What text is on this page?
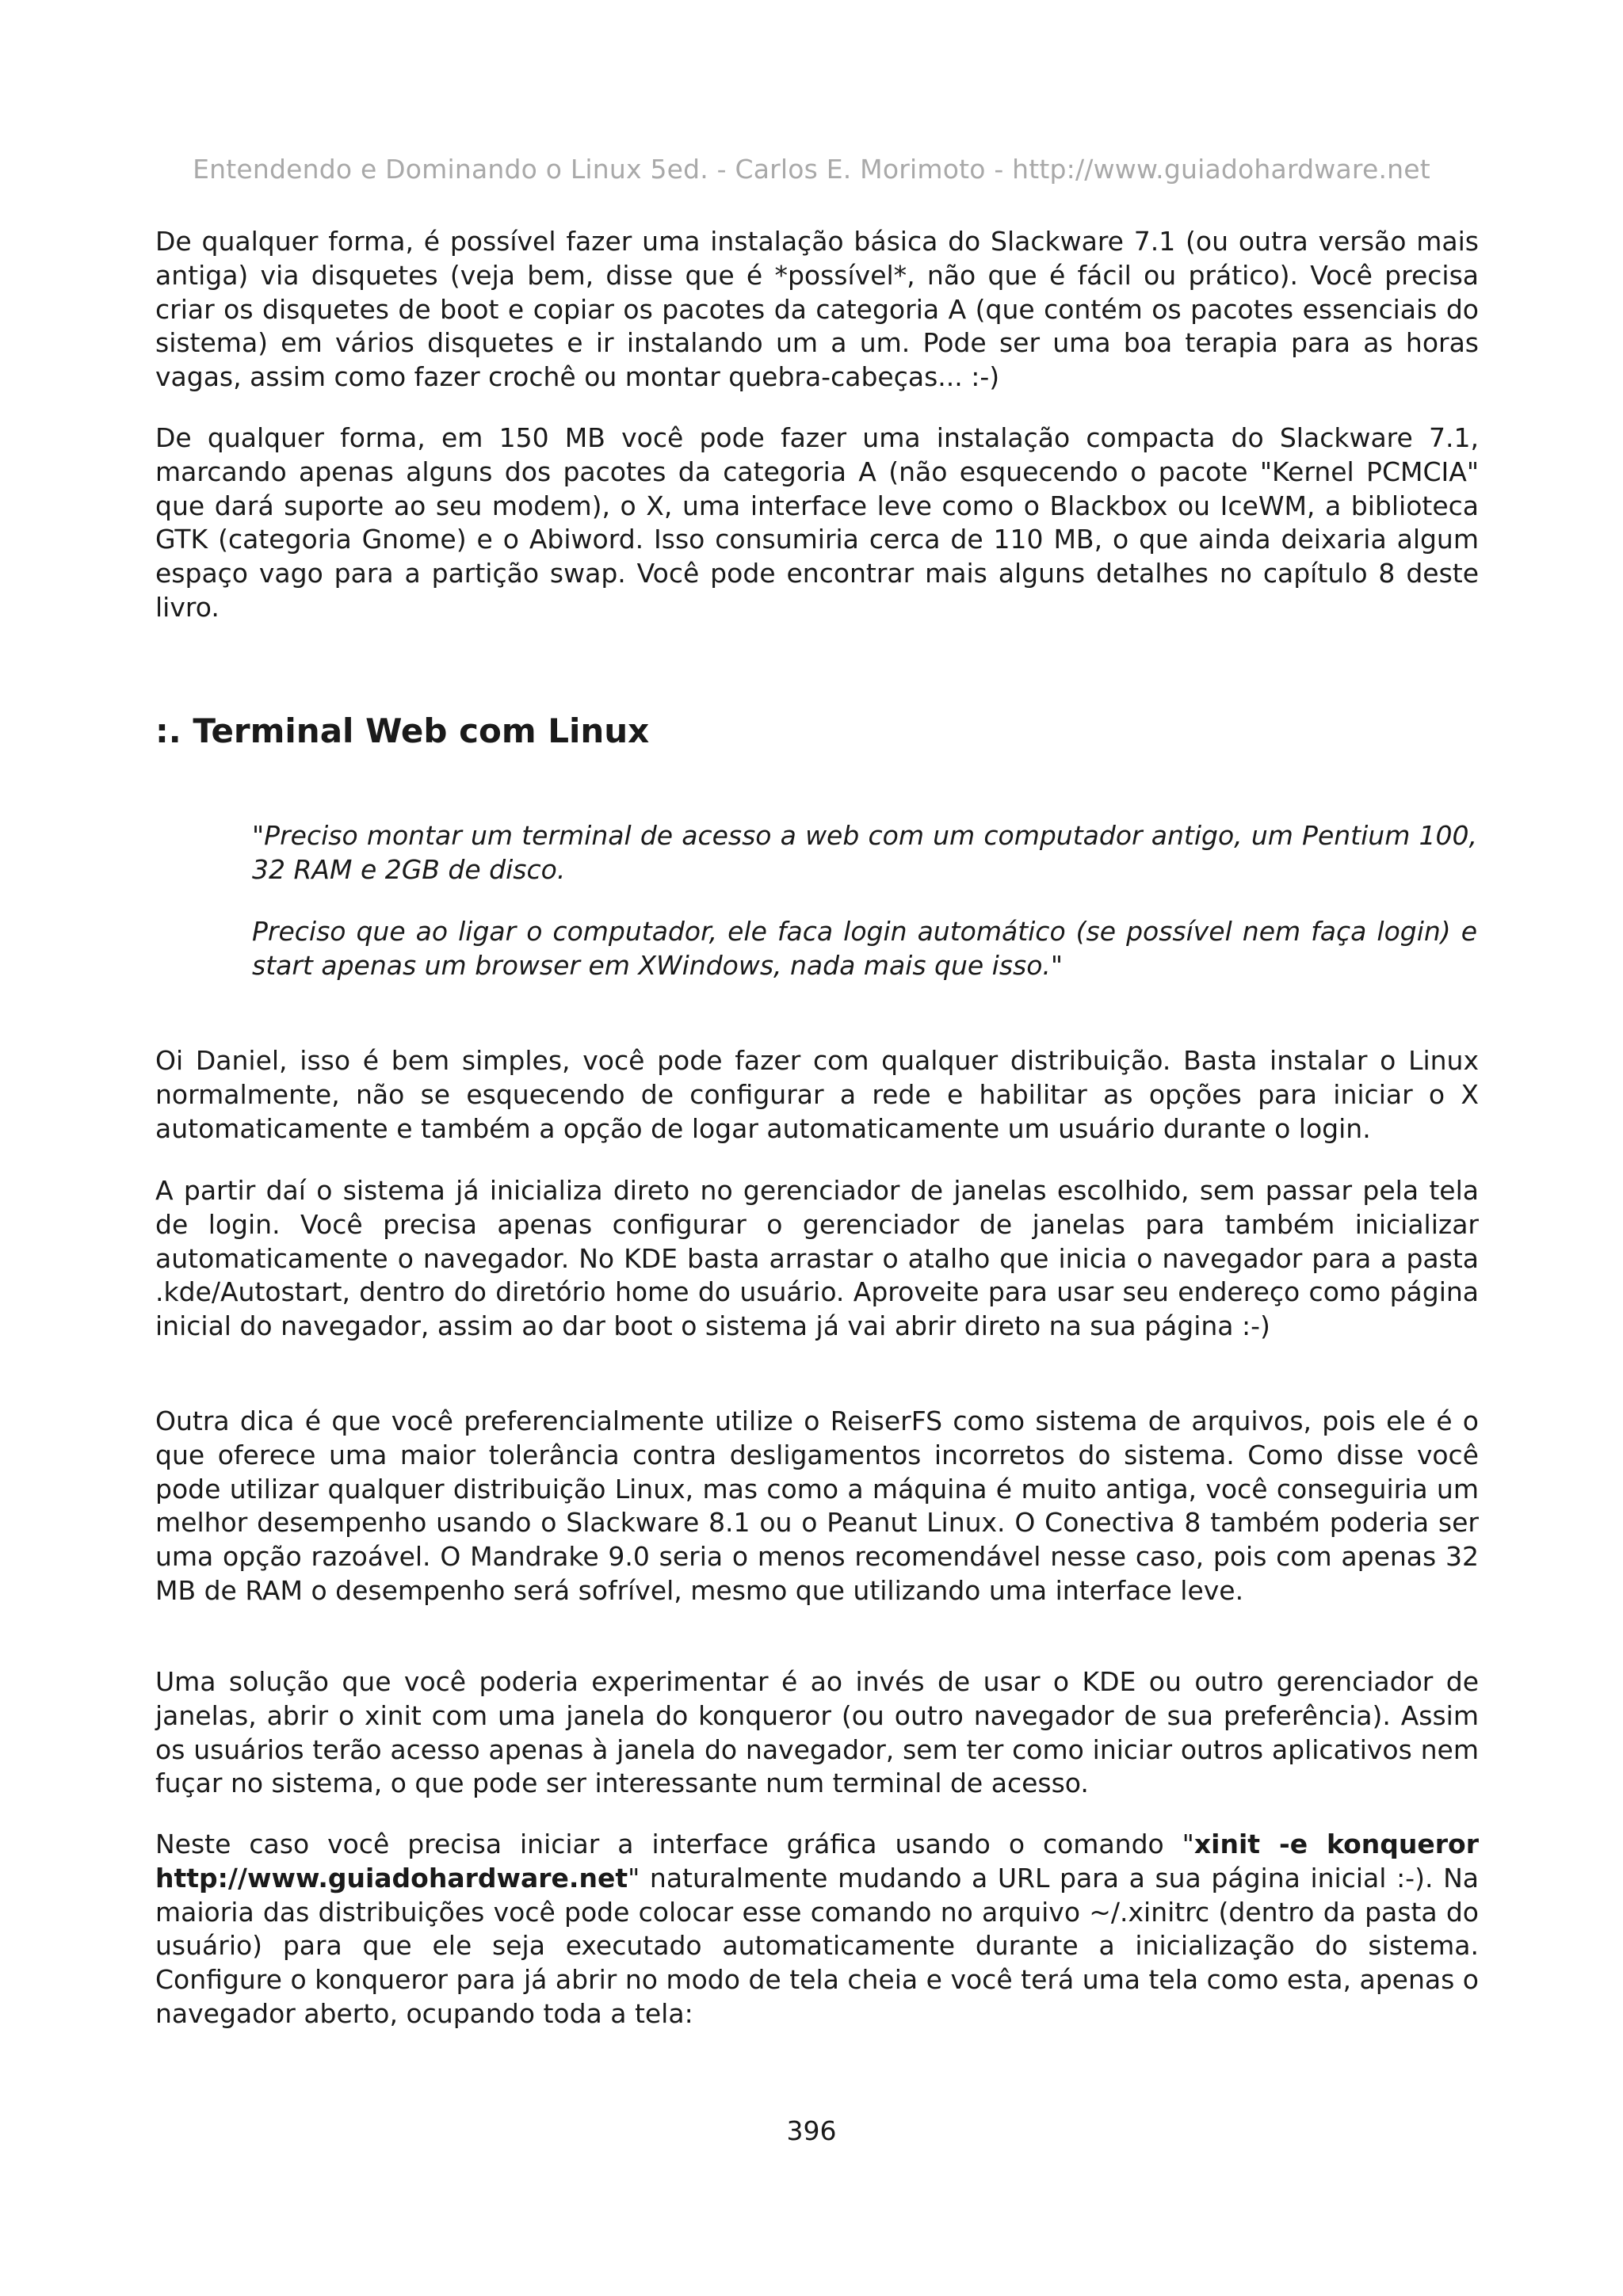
Entendendo e Dominando o Linux 5ed. - Carlos E. Morimoto - http://www.guiadohardware.net

De qualquer forma, é possível fazer uma instalação básica do Slackware 7.1 (ou outra versão mais antiga) via disquetes (veja bem, disse que é *possível*, não que é fácil ou prático). Você precisa criar os disquetes de boot e copiar os pacotes da categoria A (que contém os pacotes essenciais do sistema) em vários disquetes e ir instalando um a um. Pode ser uma boa terapia para as horas vagas, assim como fazer crochê ou montar quebra-cabeças... :-)

De qualquer forma, em 150 MB você pode fazer uma instalação compacta do Slackware 7.1, marcando apenas alguns dos pacotes da categoria A (não esquecendo o pacote "Kernel PCMCIA" que dará suporte ao seu modem), o X, uma interface leve como o Blackbox ou IceWM, a biblioteca GTK (categoria Gnome) e o Abiword. Isso consumiria cerca de 110 MB, o que ainda deixaria algum espaço vago para a partição swap. Você pode encontrar mais alguns detalhes no capítulo 8 deste livro.

:. Terminal Web com Linux

"Preciso montar um terminal de acesso a web com um computador antigo, um Pentium 100, 32 RAM e 2GB de disco.

Preciso que ao ligar o computador, ele faca login automático (se possível nem faça login) e start apenas um browser em XWindows, nada mais que isso."

Oi Daniel, isso é bem simples, você pode fazer com qualquer distribuição. Basta instalar o Linux normalmente, não se esquecendo de configurar a rede e habilitar as opções para iniciar o X automaticamente e também a opção de logar automaticamente um usuário durante o login.

A partir daí o sistema já inicializa direto no gerenciador de janelas escolhido, sem passar pela tela de login. Você precisa apenas configurar o gerenciador de janelas para também inicializar automaticamente o navegador. No KDE basta arrastar o atalho que inicia o navegador para a pasta .kde/Autostart, dentro do diretório home do usuário. Aproveite para usar seu endereço como página inicial do navegador, assim ao dar boot o sistema já vai abrir direto na sua página :-)

Outra dica é que você preferencialmente utilize o ReiserFS como sistema de arquivos, pois ele é o que oferece uma maior tolerância contra desligamentos incorretos do sistema. Como disse você pode utilizar qualquer distribuição Linux, mas como a máquina é muito antiga, você conseguiria um melhor desempenho usando o Slackware 8.1 ou o Peanut Linux. O Conectiva 8 também poderia ser uma opção razoável. O Mandrake 9.0 seria o menos recomendável nesse caso, pois com apenas 32 MB de RAM o desempenho será sofrível, mesmo que utilizando uma interface leve.

Uma solução que você poderia experimentar é ao invés de usar o KDE ou outro gerenciador de janelas, abrir o xinit com uma janela do konqueror (ou outro navegador de sua preferência). Assim os usuários terão acesso apenas à janela do navegador, sem ter como iniciar outros aplicativos nem fuçar no sistema, o que pode ser interessante num terminal de acesso.

Neste caso você precisa iniciar a interface gráfica usando o comando "xinit -e konqueror http://www.guiadohardware.net" naturalmente mudando a URL para a sua página inicial :-). Na maioria das distribuições você pode colocar esse comando no arquivo ~/.xinitrc (dentro da pasta do usuário) para que ele seja executado automaticamente durante a inicialização do sistema. Configure o konqueror para já abrir no modo de tela cheia e você terá uma tela como esta, apenas o navegador aberto, ocupando toda a tela:

396
